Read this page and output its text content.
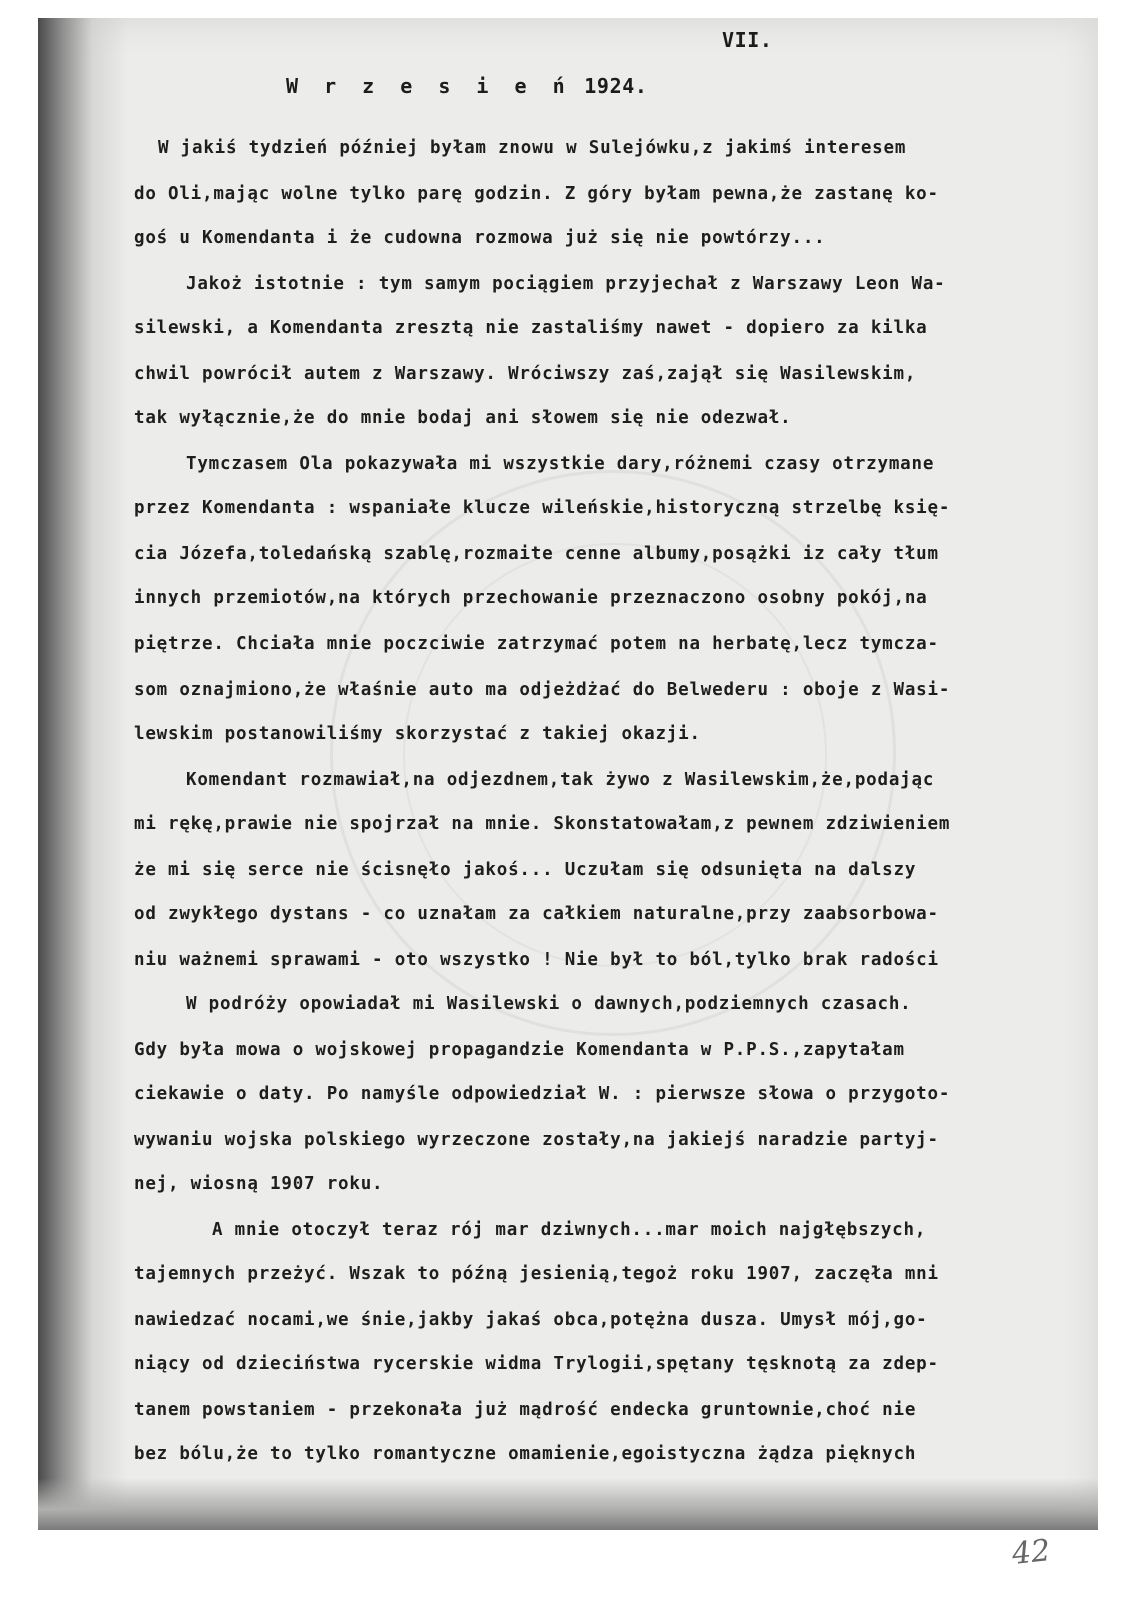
VII.
W r z e s i e ń 1924.
W jakiś tydzień później byłam znowu w Sulejówku,z jakimś interesem
do Oli,mając wolne tylko parę godzin. Z góry byłam pewna,że zastanę ko-
goś u Komendanta i że cudowna rozmowa już się nie powtórzy...
Jakoż istotnie : tym samym pociągiem przyjechał z Warszawy Leon Wa-
silewski, a Komendanta zresztą nie zastaliśmy nawet - dopiero za kilka
chwil powrócił autem z Warszawy. Wróciwszy zaś,zajął się Wasilewskim,
tak wyłącznie,że do mnie bodaj ani słowem się nie odezwał.
Tymczasem Ola pokazywała mi wszystkie dary,różnemi czasy otrzymane
przez Komendanta : wspaniałe klucze wileńskie,historyczną strzelbę księ-
cia Józefa,toledańską szablę,rozmaite cenne albumy,posążki iz cały tłum
innych przemiotów,na których przechowanie przeznaczono osobny pokój,na
piętrze. Chciała mnie poczciwie zatrzymać potem na herbatę,lecz tymcza-
som oznajmiono,że właśnie auto ma odjeżdżać do Belwederu : oboje z Wasi-
lewskim postanowiliśmy skorzystać z takiej okazji.
Komendant rozmawiał,na odjezdnem,tak żywo z Wasilewskim,że,podając
mi rękę,prawie nie spojrzał na mnie. Skonstatowałam,z pewnem zdziwieniem
że mi się serce nie ścisnęło jakoś... Uczułam się odsunięta na dalszy
od zwykłego dystans - co uznałam za całkiem naturalne,przy zaabsorbowa-
niu ważnemi sprawami - oto wszystko ! Nie był to ból,tylko brak radości
W podróży opowiadał mi Wasilewski o dawnych,podziemnych czasach.
Gdy była mowa o wojskowej propagandzie Komendanta w P.P.S.,zapytałam
ciekawie o daty. Po namyśle odpowiedział W. : pierwsze słowa o przygoto-
wywaniu wojska polskiego wyrzeczone zostały,na jakiejś naradzie partyj-
nej, wiosną 1907 roku.
A mnie otoczył teraz rój mar dziwnych...mar moich najgłębszych,
tajemnych przeżyć. Wszak to późną jesienią,tegoż roku 1907, zaczęła mni
nawiedzać nocami,we śnie,jakby jakaś obca,potężna dusza. Umysł mój,go-
niący od dzieciństwa rycerskie widma Trylogii,spętany tęsknotą za zdep-
tanem powstaniem - przekonała już mądrość endecka gruntownie,choć nie
bez bólu,że to tylko romantyczne omamienie,egoistyczna żądza pięknych
42
